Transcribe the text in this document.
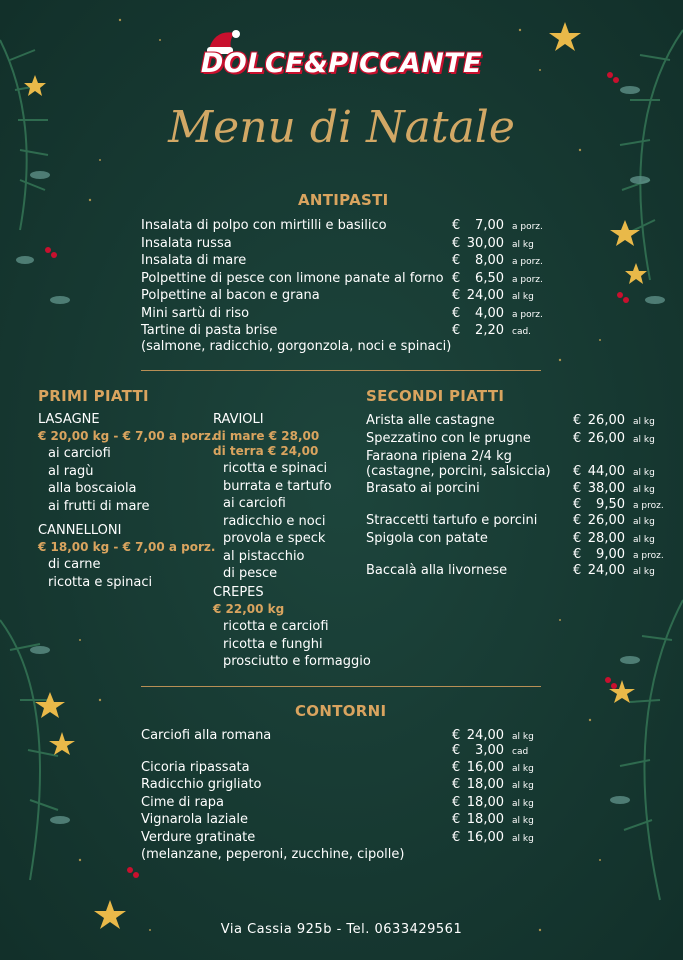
DOLCE&PICCANTE
Menu di Natale
ANTIPASTI
(salmone, radicchio, gorgonzola, noci e spinaci)
PRIMI PIATTI
LASAGNE
€ 20,00 kg - € 7,00 a porz.
CANNELLONI
€ 18,00 kg - € 7,00 a porz.
RAVIOLI
di mare € 28,00
di terra € 24,00
CREPES
€ 22,00 kg
SECONDI PIATTI
CONTORNI
(melanzane, peperoni, zucchine, cipolle)
Via Cassia 925b - Tel. 0633429561
Insalata di polpo con mirtilli e basilico	€ 7,00 a porz.
Insalata russa	€ 30,00 al kg
Insalata di mare	€ 8,00 a porz.
Polpettine di pesce con limone panate al forno € 6,50 a porz.
Polpettine al bacon e grana	€ 24,00 al kg
Mini sartù di riso	€ 4,00 a porz.
Tartine di pasta brise	€ 2,20 cad.
ai carciofi
al ragù
alla boscaiola
ai frutti di mare
di carne
ricotta e spinaci
ricotta e spinaci
burrata e tartufo
ai carciofi
radicchio e noci
provola e speck
al pistacchio
di pesce
ricotta e carciofi
ricotta e funghi
prosciutto e formaggio
Arista alle castagne	€ 26,00 al kg
Spezzatino con le prugne	€ 26,00 al kg
Faraona ripiena 2/4 kg
(castagne, porcini, salsiccia) € 44,00 al kg
Brasato ai porcini	€ 38,00 al kg
€ 9,50 a proz.
Straccetti tartufo e porcini	€ 26,00 al kg
Spigola con patate	€ 28,00 al kg
€ 9,00 a proz.
Baccalà alla livornese	€ 24,00 al kg
Carciofi alla romana	€ 24,00 al kg
€ 3,00 cad
Cicoria ripassata	€ 16,00 al kg
Radicchio grigliato	€ 18,00 al kg
Cime di rapa	€ 18,00 al kg
Vignarola laziale	€ 18,00 al kg
Verdure gratinate	€ 16,00 al kg
